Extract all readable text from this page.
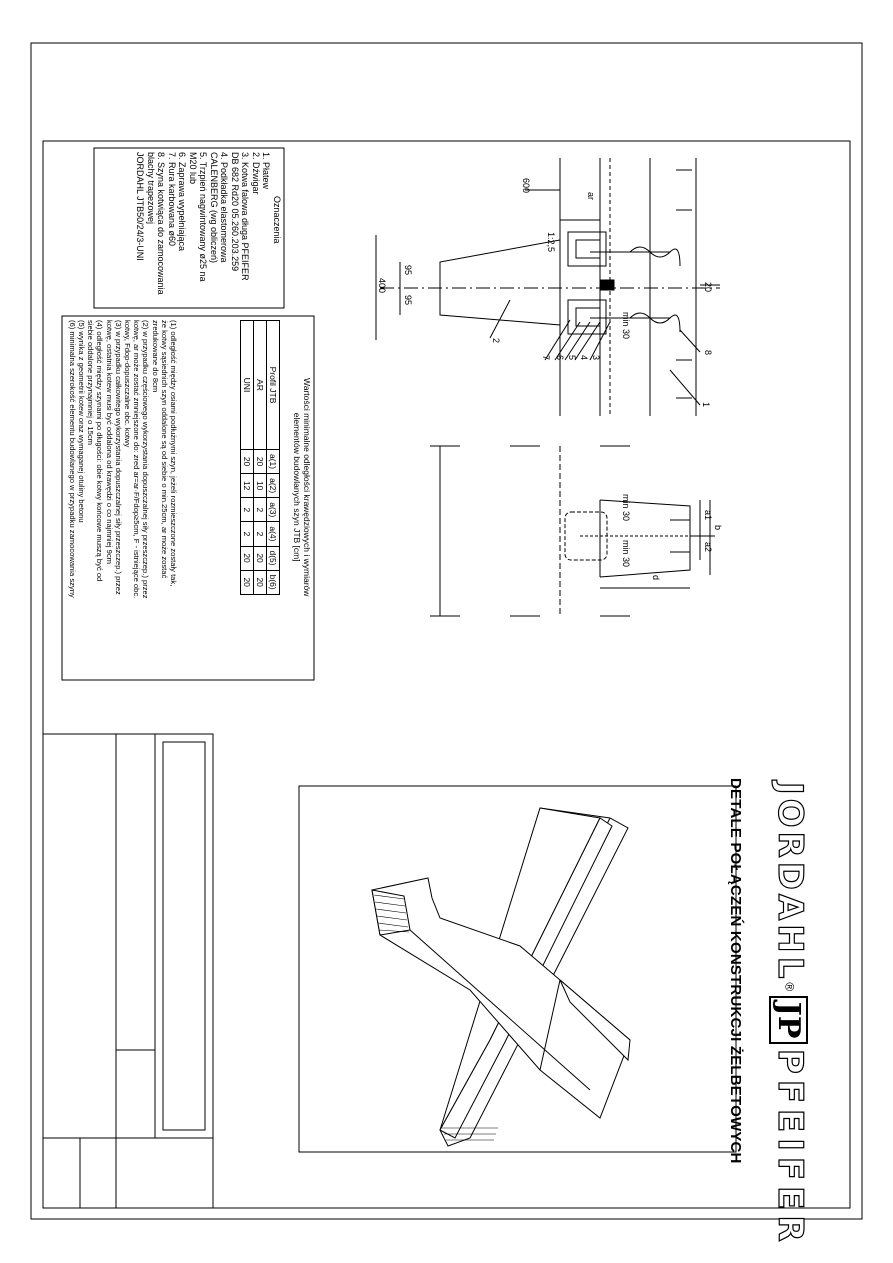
JORDAHL® JP PFEIFER
DETALE POŁĄCZEŃ KONSTRUKCJI ŻELBETOWYCH
Oznaczenia
1. Płatew
2. Dźwigar
3. Kotwa falowa długa PFEIFER
DB 682 Rd20 05.260.203.259
4. Podkładka elastomerowa
CALENBERG (wg obliczeń)
5. Trzpień nagwintowany ø25 na
M20 lub
6. Zaprawa wypełniająca
7. Rura karbowana ø60
8. Szyna kotwiąca do zamocowania
blachy trapezowej
JORDAHL JTB50/24/3-UNI
Wartości minimalne odległości krawędziowych i wymiarów
elementów budowlanych szyn JTB [cm]
Profil JTB	a(1)	a(2)	a(3)	a(4)	d(5)	b(6)
AR	20	10	2	2	20	20
UNI	20	12	2	2	20	20
(1) odległość między osiami podłużnymi szyn, jeżeli rozmieszczone zostały tak,
że kotwy sąsiednich szyn oddalone są od siebie o min.25cm, ar może zostać
zredukowane do 8cm
(2) w przypadku częściowego wykorzystania dopuszczalnej siły przeszczep.) przez
kotwę, ar może zostać zmniejszone do: zred ar=ar·F/Fdop≥5cm, F - istniejące obc.
kotwy, Fdop-dopuszczalne obc. kotwy
(3) w przypadku całkowitego wykorzystania dopuszczalnej siły przeszczep.) przez
kotwę, ostatnia kotew musi być oddalona od krawędzi o co najmniej 9cm
(4) odległość między szynami po długości: obie kotwy końcowe muszą być od
siebie oddalone przynajmniej o 15cm
(5) wynika z geometrii kotew oraz wymaganej otuliny betonu
(6) minimalna szerokość elementu budowlanego w przypadku zamocowania szyny
600
400
95
95
20
ar
1:2,5
min 30
min 30
min 30
d
b
a1
a2
1
2
3
4
5
6
7
8
